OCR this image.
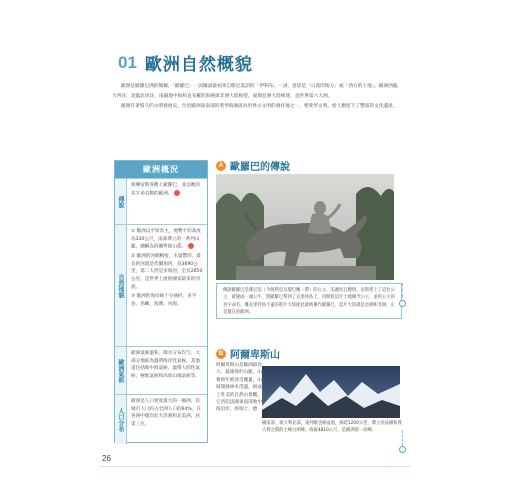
01 歐洲自然概貌

歐洲是歐羅巴洲的簡稱，「歐羅巴」一詞據說最初來自腓尼基語的「伊利布」一詞，意思是「日落的地方」或「西方的土地」。歐洲西臨大西洋，北臨北冰洋，南隔地中海和直布羅陀海峽與非洲大陸相望，東與亞洲大陸相連，是世界第六大洲。

歐洲有著悠久的文明發展史，位於歐洲東南部的愛琴海地區為世界古文明的發祥地之一，褒愛琴文明，給人類留下了豐富的文化遺產。

歐洲概況
傳說
相傳宙斯喜歡上歐羅巴，並以她的名字命名她的歐洲。
自然地貌
① 歐洲以平原為主，地勢平均高度為330公尺，南部聳立的一系列山脈，總稱為阿爾卑斯山系。
② 歐洲的河網稠密，水量豐沛，最長的河流是伏爾加河，長3690公里，第二大河是多瑙河，全長2850公里，是世界上流經國家最多的河流。
③ 歐洲的海岸線十分曲折，多半島、島嶼、海灣、內海。
歐洲氣候
歐洲氣候溫和，降水分布均勻，大部分地區為溫帶海洋性氣候，其他還包括地中海氣候、溫帶大陸性氣候、極地氣候和高原山地氣候等。
人口分布
歐洲是人口密度最大的一個洲，其城市人口約占全洲人口的64%，在各洲中僅次於大洋洲和北美洲，居第三位。
A 歐羅巴的傳說
傳說歐羅巴是腓尼基（今敘利亞及黎巴嫩一帶）的公主，美麗而且聰明。宙斯愛上了這位公主，就變成一頭公牛，將歐羅巴帶到了克里特島上，宙斯將這片土地賜予公主，並用公主的名字命名。雕克里特島不遠的那片大陸從此就被稱作歐羅巴，這片大陸就是亞洲和非洲，正是現在的歐洲。
B 阿爾卑斯山
阿爾卑斯山是歐洲最高大、最雄偉的山脈，山嶺終年被冰雪覆蓋，山坡間綠林木茂盛，組成了壯美的自然山景觀。它西起法國東南部地中海沿岸，經瑞士、德
國南部、義大利北部，東到維也納盆地，綿延1200公里，聳立於法國和義大利之間的主峰白朗峰，海拔4810公尺，是歐洲第一高峰。
26
